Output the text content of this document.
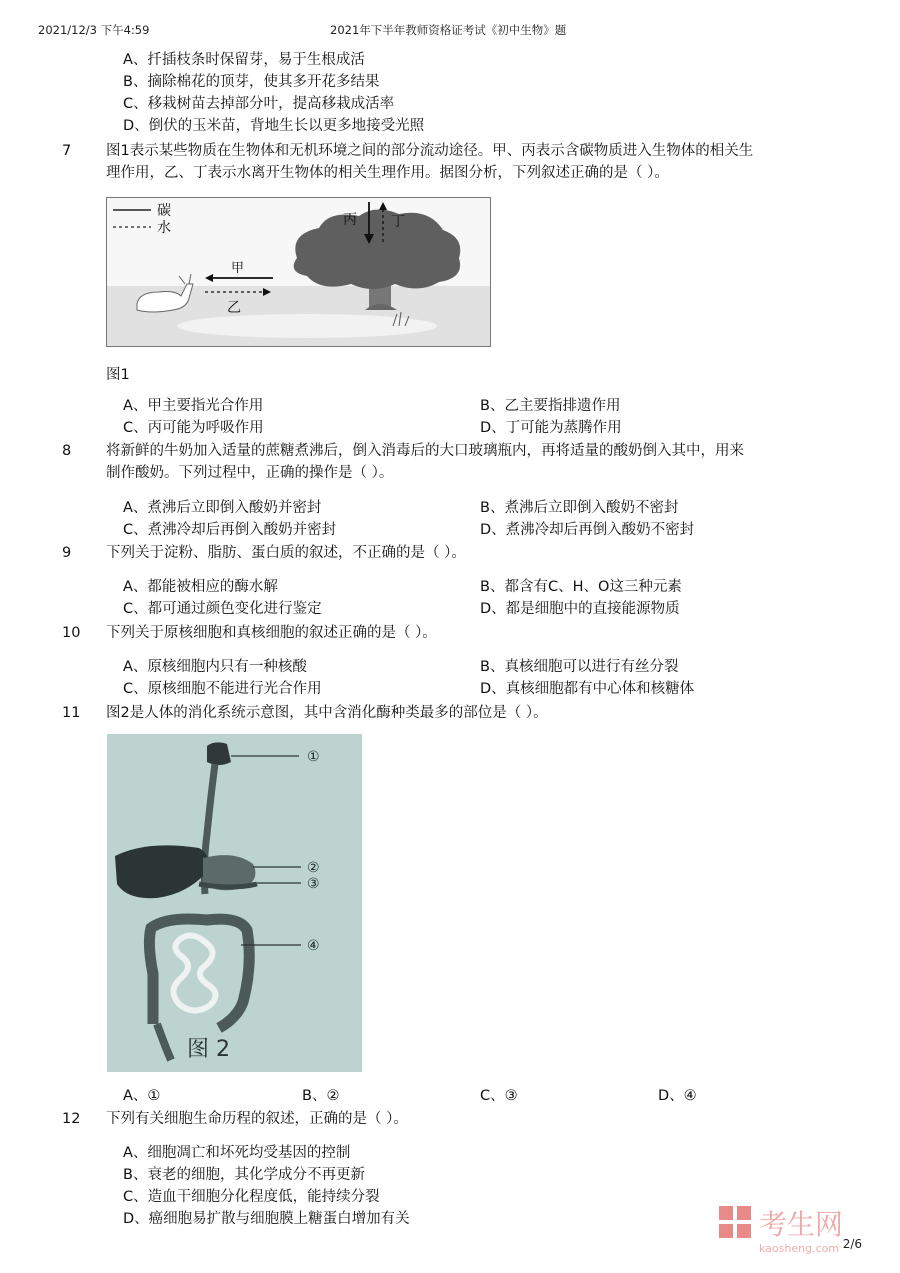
2021/12/3 下午4:59	2021年下半年教师资格证考试《初中生物》题
A、扦插枝条时保留芽，易于生根成活
B、摘除棉花的顶芽，使其多开花多结果
C、移栽树苗去掉部分叶，提高移栽成活率
D、倒伏的玉米苗，背地生长以更多地接受光照
7 图1表示某些物质在生物体和无机环境之间的部分流动途径。甲、丙表示含碳物质进入生物体的相关生
理作用，乙、丁表示水离开生物体的相关生理作用。据图分析，下列叙述正确的是（ ）。
碳
水	丙 丁
甲
乙
图1
A、甲主要指光合作用	B、乙主要指排遗作用
C、丙可能为呼吸作用	D、丁可能为蒸腾作用
8 将新鲜的牛奶加入适量的蔗糖煮沸后，倒入消毒后的大口玻璃瓶内，再将适量的酸奶倒入其中，用来
制作酸奶。下列过程中，正确的操作是（ ）。
A、煮沸后立即倒入酸奶并密封	B、煮沸后立即倒入酸奶不密封
C、煮沸冷却后再倒入酸奶并密封	D、煮沸冷却后再倒入酸奶不密封
9 下列关于淀粉、脂肪、蛋白质的叙述，不正确的是（ ）。
A、都能被相应的酶水解	B、都含有C、H、O这三种元素
C、都可通过颜色变化进行鉴定	D、都是细胞中的直接能源物质
10 下列关于原核细胞和真核细胞的叙述正确的是（ ）。
A、原核细胞内只有一种核酸	B、真核细胞可以进行有丝分裂
C、原核细胞不能进行光合作用	D、真核细胞都有中心体和核糖体
11 图2是人体的消化系统示意图，其中含消化酶种类最多的部位是（ ）。
①
②
③
④
图 2
A、①	B、②	C、③	D、④
12 下列有关细胞生命历程的叙述，正确的是（ ）。
A、细胞凋亡和坏死均受基因的控制
B、衰老的细胞，其化学成分不再更新
C、造血干细胞分化程度低，能持续分裂
D、癌细胞易扩散与细胞膜上糖蛋白增加有关	考生网
kaosheng.com 2/6
